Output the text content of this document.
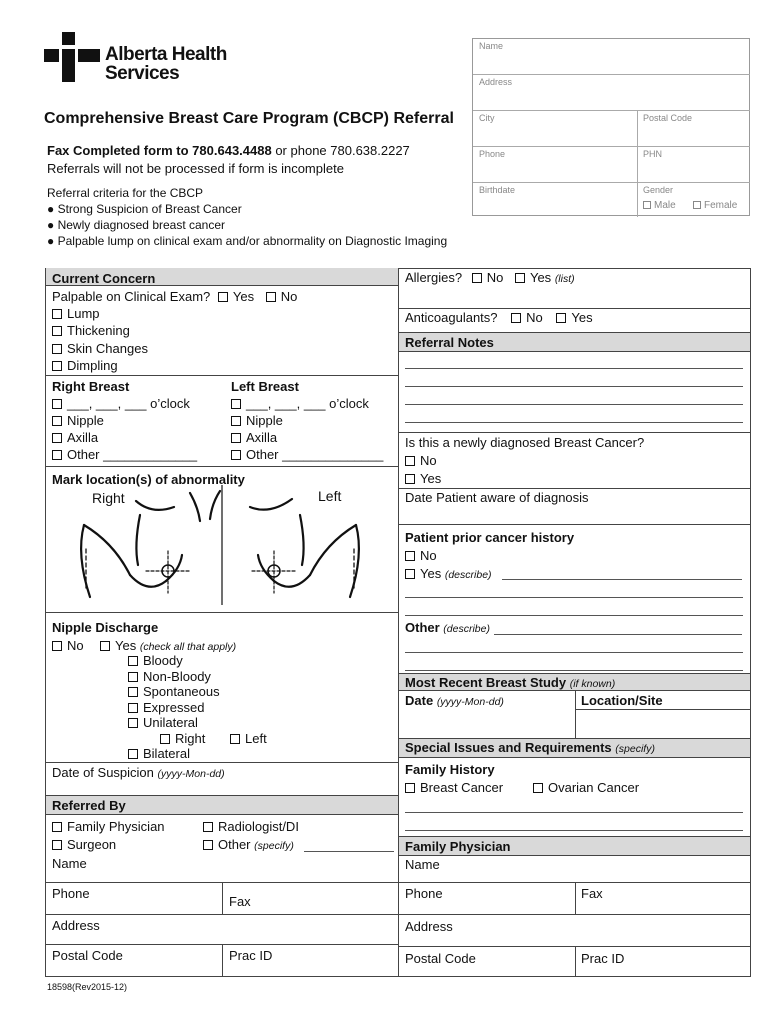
Alberta Health
Services
Comprehensive Breast Care Program (CBCP) Referral
Fax Completed form to 780.643.4488 or phone 780.638.2227
Referrals will not be processed if form is incomplete
Referral criteria for the CBCP
● Strong Suspicion of Breast Cancer
● Newly diagnosed breast cancer
● Palpable lump on clinical exam and/or abnormality on Diagnostic Imaging
Name
Address
City	Postal Code
Phone	PHN
Birthdate	Gender
Male	Female
Current Concern
Palpable on Clinical Exam? Yes No
Lump
Thickening
Skin Changes
Dimpling
Right Breast	Left Breast
___, ___, ___ o’clock	___, ___, ___ o’clock
Nipple	Nipple
Axilla	Axilla
Other _____________	Other ______________
Mark location(s) of abnormality
Right	Left
Nipple Discharge
No	Yes (check all that apply)
Bloody
Non-Bloody
Spontaneous
Expressed
Unilateral
Right	Left
Bilateral
Date of Suspicion (yyyy-Mon-dd)
Referred By
Family Physician	Radiologist/DI
Surgeon	Other (specify)
Name
Phone
Fax
Address
Postal Code	Prac ID
Allergies? No Yes (list)
Anticoagulants? No Yes
Referral Notes
Is this a newly diagnosed Breast Cancer?
No
Yes
Date Patient aware of diagnosis
Patient prior cancer history
No
Yes (describe)
Other (describe)
Most Recent Breast Study (if known)
Date (yyyy-Mon-dd)	Location/Site
Special Issues and Requirements (specify)
Family History
Breast Cancer	Ovarian Cancer
Family Physician
Name
Phone	Fax
Address
Postal Code	Prac ID
18598(Rev2015-12)
